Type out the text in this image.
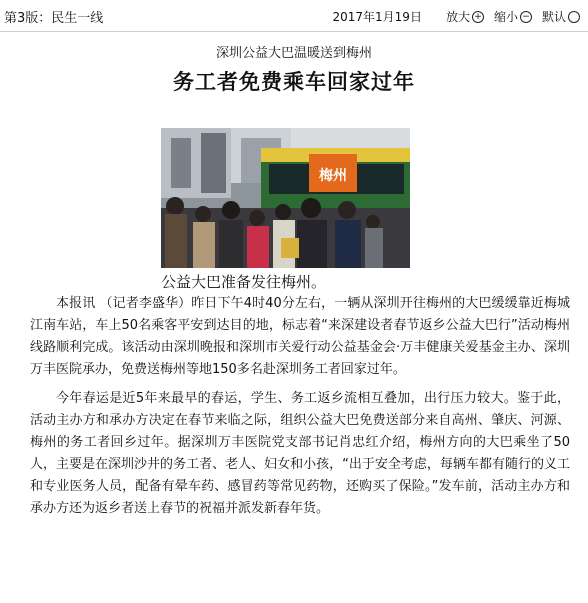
第3版：民生一线	2017年1月19日 放大 + 缩小 − 默认
深圳公益大巴温暖送到梅州
务工者免费乘车回家过年
梅州
公益大巴准备发往梅州。

本报讯 （记者李盛华）昨日下午4时40分左右，一辆从深圳开往梅州的大巴缓缓靠近梅城江南车站，车上50名乘客平安到达目的地，标志着“来深建设者春节返乡公益大巴行”活动梅州线路顺利完成。该活动由深圳晚报和深圳市关爱行动公益基金会·万丰健康关爱基金主办、深圳万丰医院承办，免费送梅州等地150多名赴深圳务工者回家过年。

今年春运是近5年来最早的春运，学生、务工返乡流相互叠加，出行压力较大。鉴于此，活动主办方和承办方决定在春节来临之际，组织公益大巴免费送部分来自高州、肇庆、河源、梅州的务工者回乡过年。据深圳万丰医院党支部书记肖忠红介绍，梅州方向的大巴乘坐了50人，主要是在深圳沙井的务工者、老人、妇女和小孩，“出于安全考虑，每辆车都有随行的义工和专业医务人员，配备有晕车药、感冒药等常见药物，还购买了保险。”发车前，活动主办方和承办方还为返乡者送上春节的祝福并派发新春年货。
